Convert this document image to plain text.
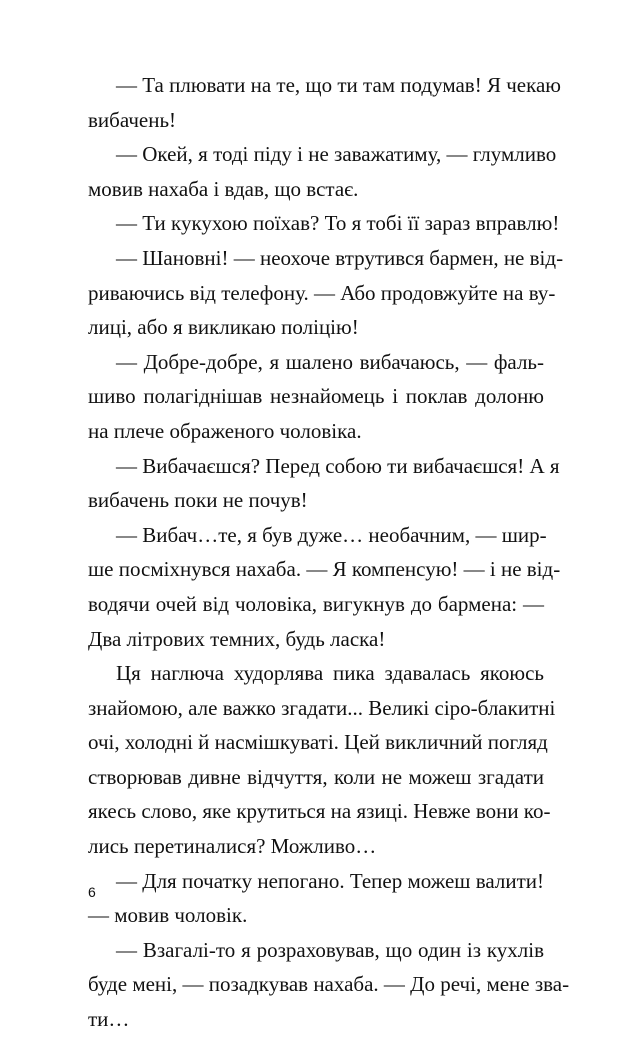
— Та плювати на те, що ти там подумав! Я чекаю
вибачень!
— Окей, я тоді піду і не заважатиму, — глумливо
мовив нахаба і вдав, що встає.
— Ти кукухою поїхав? То я тобі її зараз вправлю!
— Шановні! — неохоче втрутився бармен, не від-
риваючись від телефону. — Або продовжуйте на ву-
лиці, або я викликаю поліцію!
— Добре-добре, я шалено вибачаюсь, — фаль-
шиво полагіднішав незнайомець і поклав долоню
на плече ображеного чоловіка.
— Вибачаєшся? Перед собою ти вибачаєшся! А я
вибачень поки не почув!
— Вибач…те, я був дуже… необачним, — шир-
ше посміхнувся нахаба. — Я компенсую! — і не від-
водячи очей від чоловіка, вигукнув до бармена: —
Два літрових темних, будь ласка!
Ця наглюча худорлява пика здавалась якоюсь
знайомою, але важко згадати... Великі сіро-блакитні
очі, холодні й насмішкуваті. Цей викличний погляд
створював дивне відчуття, коли не можеш згадати
якесь слово, яке крутиться на язиці. Невже вони ко-
лись перетиналися? Можливо…
— Для початку непогано. Тепер можеш валити!
— мовив чоловік.
— Взагалі-то я розраховував, що один із кухлів
буде мені, — позадкував нахаба. — До речі, мене зва-
ти…
6
